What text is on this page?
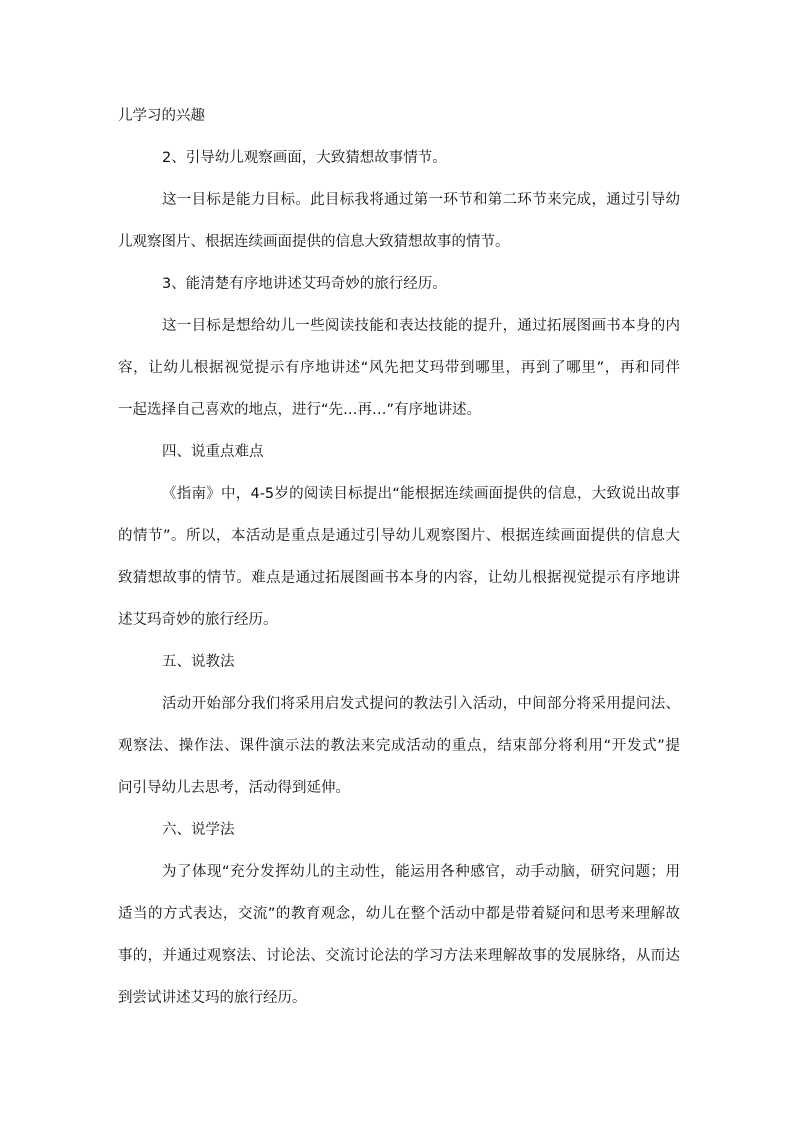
儿学习的兴趣
2、引导幼儿观察画面，大致猜想故事情节。
这一目标是能力目标。此目标我将通过第一环节和第二环节来完成，通过引导幼
儿观察图片、根据连续画面提供的信息大致猜想故事的情节。
3、能清楚有序地讲述艾玛奇妙的旅行经历。
这一目标是想给幼儿一些阅读技能和表达技能的提升，通过拓展图画书本身的内
容，让幼儿根据视觉提示有序地讲述“风先把艾玛带到哪里，再到了哪里”，再和同伴
一起选择自己喜欢的地点，进行“先…再…”有序地讲述。
四、说重点难点
《指南》中，4-5岁的阅读目标提出“能根据连续画面提供的信息，大致说出故事
的情节”。所以，本活动是重点是通过引导幼儿观察图片、根据连续画面提供的信息大
致猜想故事的情节。难点是通过拓展图画书本身的内容，让幼儿根据视觉提示有序地讲
述艾玛奇妙的旅行经历。
五、说教法
活动开始部分我们将采用启发式提问的教法引入活动，中间部分将采用提问法、
观察法、操作法、课件演示法的教法来完成活动的重点，结束部分将利用“开发式”提
问引导幼儿去思考，活动得到延伸。
六、说学法
为了体现“充分发挥幼儿的主动性，能运用各种感官，动手动脑，研究问题；用
适当的方式表达，交流”的教育观念，幼儿在整个活动中都是带着疑问和思考来理解故
事的，并通过观察法、讨论法、交流讨论法的学习方法来理解故事的发展脉络，从而达
到尝试讲述艾玛的旅行经历。
